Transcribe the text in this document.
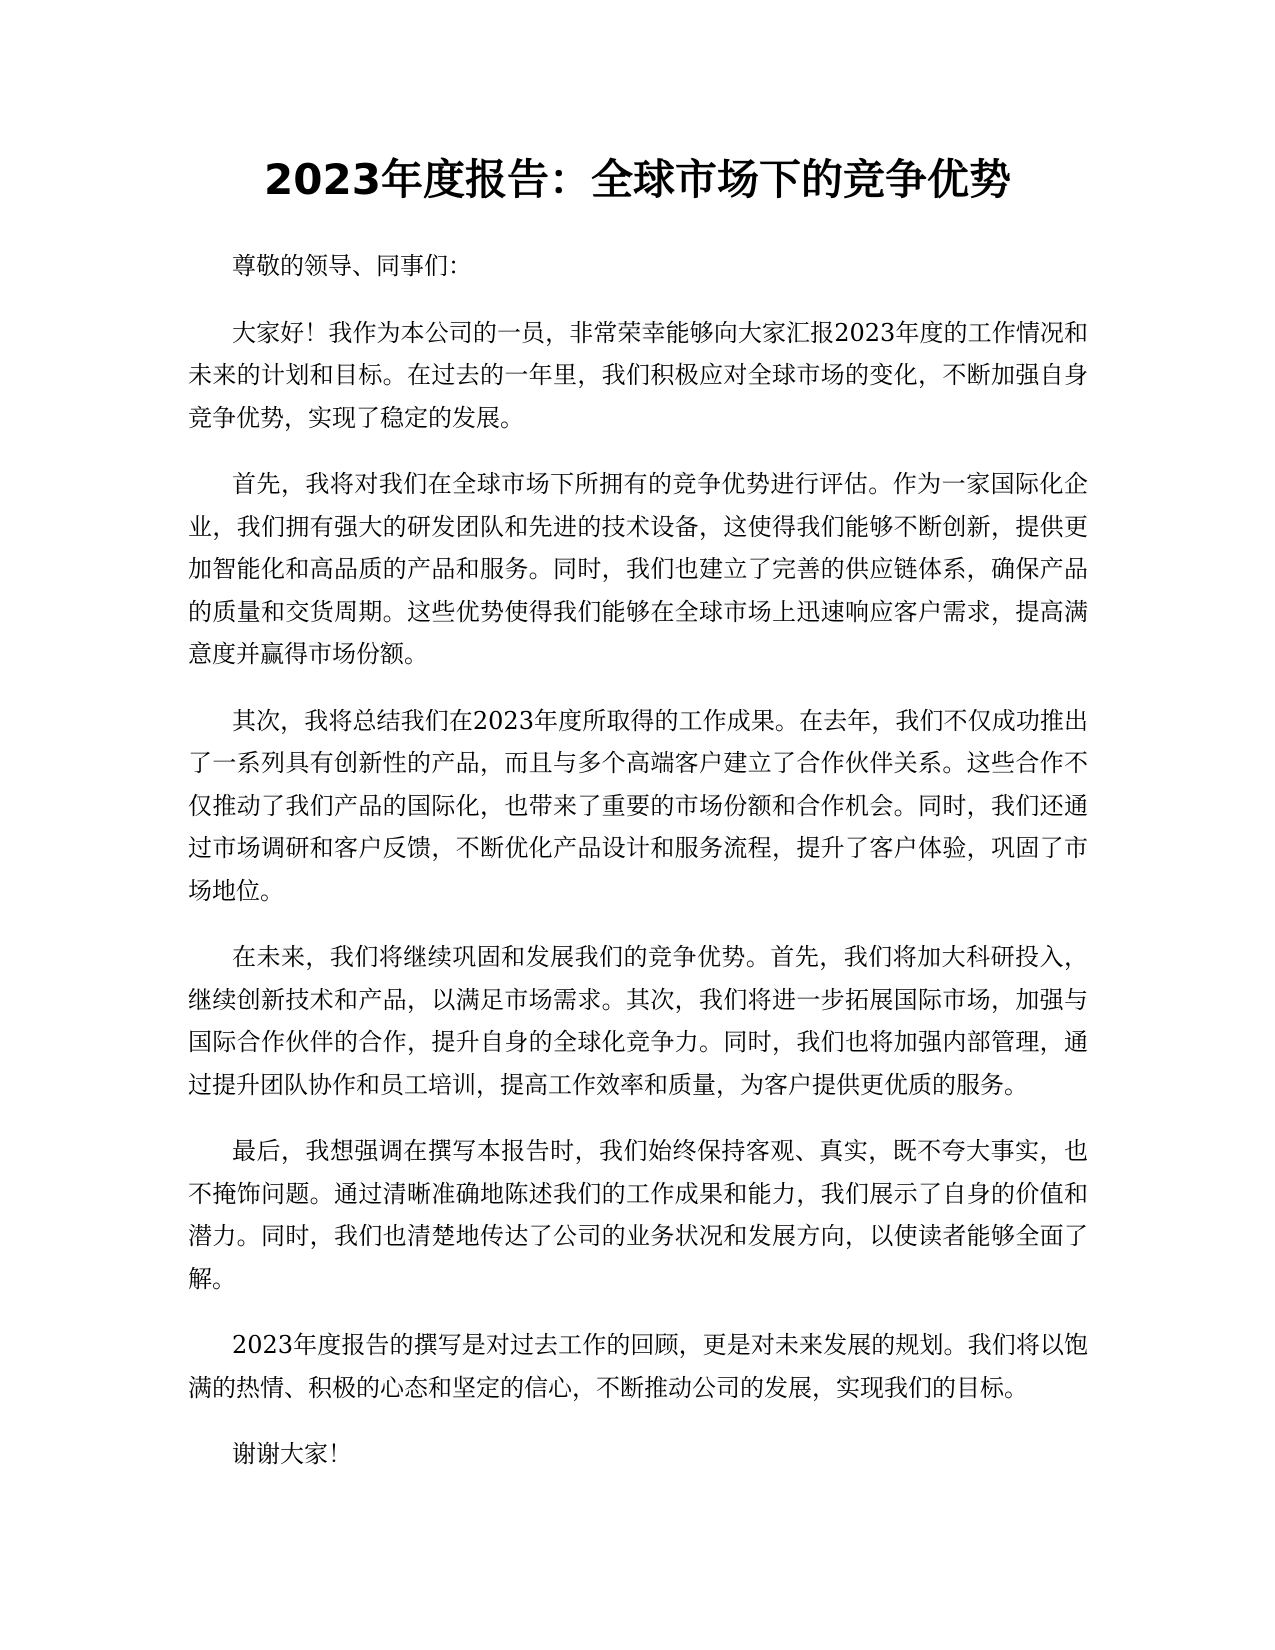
2023年度报告：全球市场下的竞争优势

尊敬的领导、同事们：

大家好！我作为本公司的一员，非常荣幸能够向大家汇报2023年度的工作情况和未来的计划和目标。在过去的一年里，我们积极应对全球市场的变化，不断加强自身竞争优势，实现了稳定的发展。

首先，我将对我们在全球市场下所拥有的竞争优势进行评估。作为一家国际化企业，我们拥有强大的研发团队和先进的技术设备，这使得我们能够不断创新，提供更加智能化和高品质的产品和服务。同时，我们也建立了完善的供应链体系，确保产品的质量和交货周期。这些优势使得我们能够在全球市场上迅速响应客户需求，提高满意度并赢得市场份额。

其次，我将总结我们在2023年度所取得的工作成果。在去年，我们不仅成功推出了一系列具有创新性的产品，而且与多个高端客户建立了合作伙伴关系。这些合作不仅推动了我们产品的国际化，也带来了重要的市场份额和合作机会。同时，我们还通过市场调研和客户反馈，不断优化产品设计和服务流程，提升了客户体验，巩固了市场地位。

在未来，我们将继续巩固和发展我们的竞争优势。首先，我们将加大科研投入，继续创新技术和产品，以满足市场需求。其次，我们将进一步拓展国际市场，加强与国际合作伙伴的合作，提升自身的全球化竞争力。同时，我们也将加强内部管理，通过提升团队协作和员工培训，提高工作效率和质量，为客户提供更优质的服务。

最后，我想强调在撰写本报告时，我们始终保持客观、真实，既不夸大事实，也不掩饰问题。通过清晰准确地陈述我们的工作成果和能力，我们展示了自身的价值和潜力。同时，我们也清楚地传达了公司的业务状况和发展方向，以使读者能够全面了解。

2023年度报告的撰写是对过去工作的回顾，更是对未来发展的规划。我们将以饱满的热情、积极的心态和坚定的信心，不断推动公司的发展，实现我们的目标。

谢谢大家！
